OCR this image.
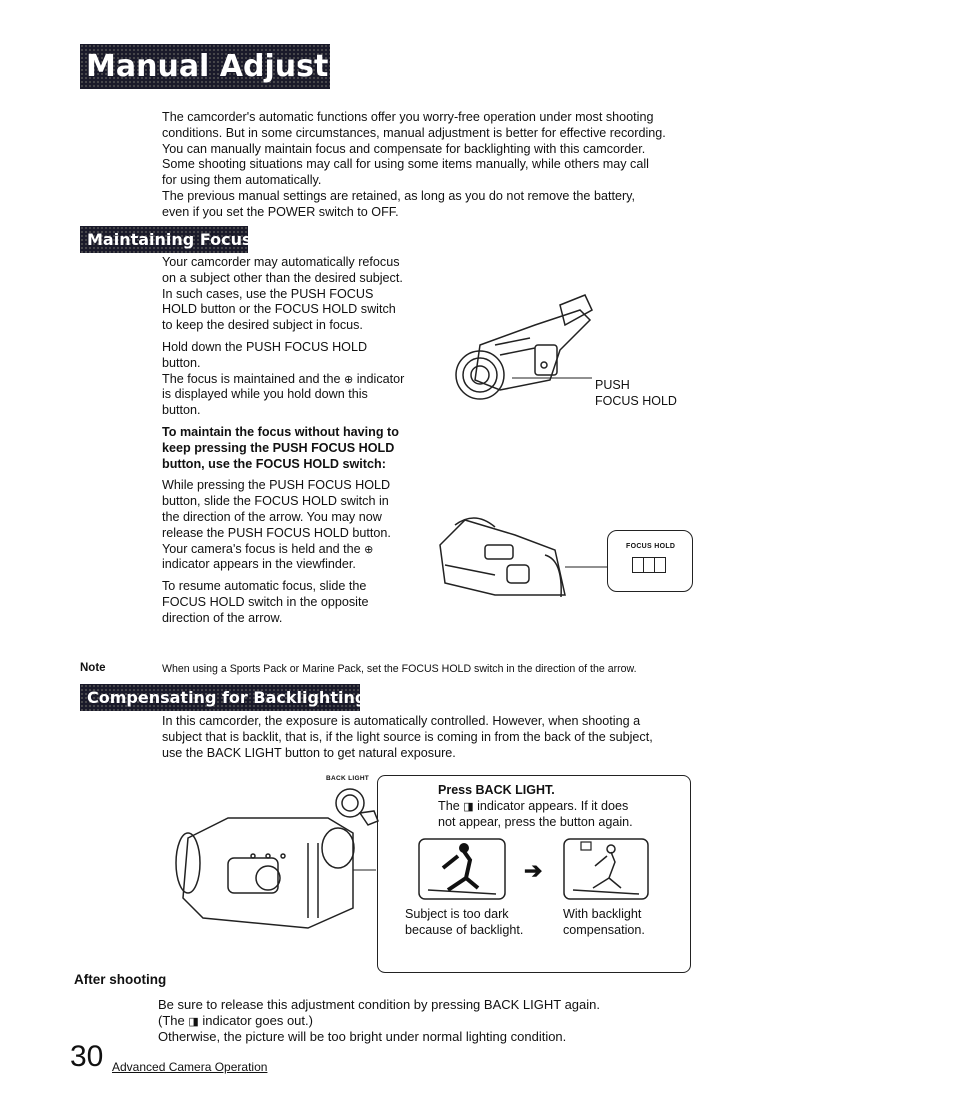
Manual Adjustments

The camcorder's automatic functions offer you worry-free operation under most shooting

conditions. But in some circumstances, manual adjustment is better for effective recording.

You can manually maintain focus and compensate for backlighting with this camcorder.

Some shooting situations may call for using some items manually, while others may call

for using them automatically.

The previous manual settings are retained, as long as you do not remove the battery,

even if you set the POWER switch to OFF.

Maintaining Focus

Your camcorder may automatically refocus on a subject other than the desired subject.

In such cases, use the PUSH FOCUS HOLD button or the FOCUS HOLD switch to keep the desired subject in focus.

Hold down the PUSH FOCUS HOLD button.

The focus is maintained and the ⊕ indicator is displayed while you hold down this button.

To maintain the focus without having to keep pressing the PUSH FOCUS HOLD button, use the FOCUS HOLD switch:

While pressing the PUSH FOCUS HOLD button, slide the FOCUS HOLD switch in the direction of the arrow. You may now release the PUSH FOCUS HOLD button. Your camera's focus is held and the ⊕ indicator appears in the viewfinder.

To resume automatic focus, slide the FOCUS HOLD switch in the opposite direction of the arrow.

PUSH

FOCUS HOLD

FOCUS HOLD
Note	When using a Sports Pack or Marine Pack, set the FOCUS HOLD switch in the direction of the arrow.
Compensating for Backlighting

In this camcorder, the exposure is automatically controlled. However, when shooting a

subject that is backlit, that is, if the light source is coming in from the back of the subject,

use the BACK LIGHT button to get natural exposure.

BACK LIGHT
Press BACK LIGHT.
The ◨ indicator appears. If it does not appear, press the button again.
➔

Subject is too dark

because of backlight.

With backlight

compensation.

After shooting

Be sure to release this adjustment condition by pressing BACK LIGHT again.

(The ◨ indicator goes out.)

Otherwise, the picture will be too bright under normal lighting condition.

30 Advanced Camera Operation
